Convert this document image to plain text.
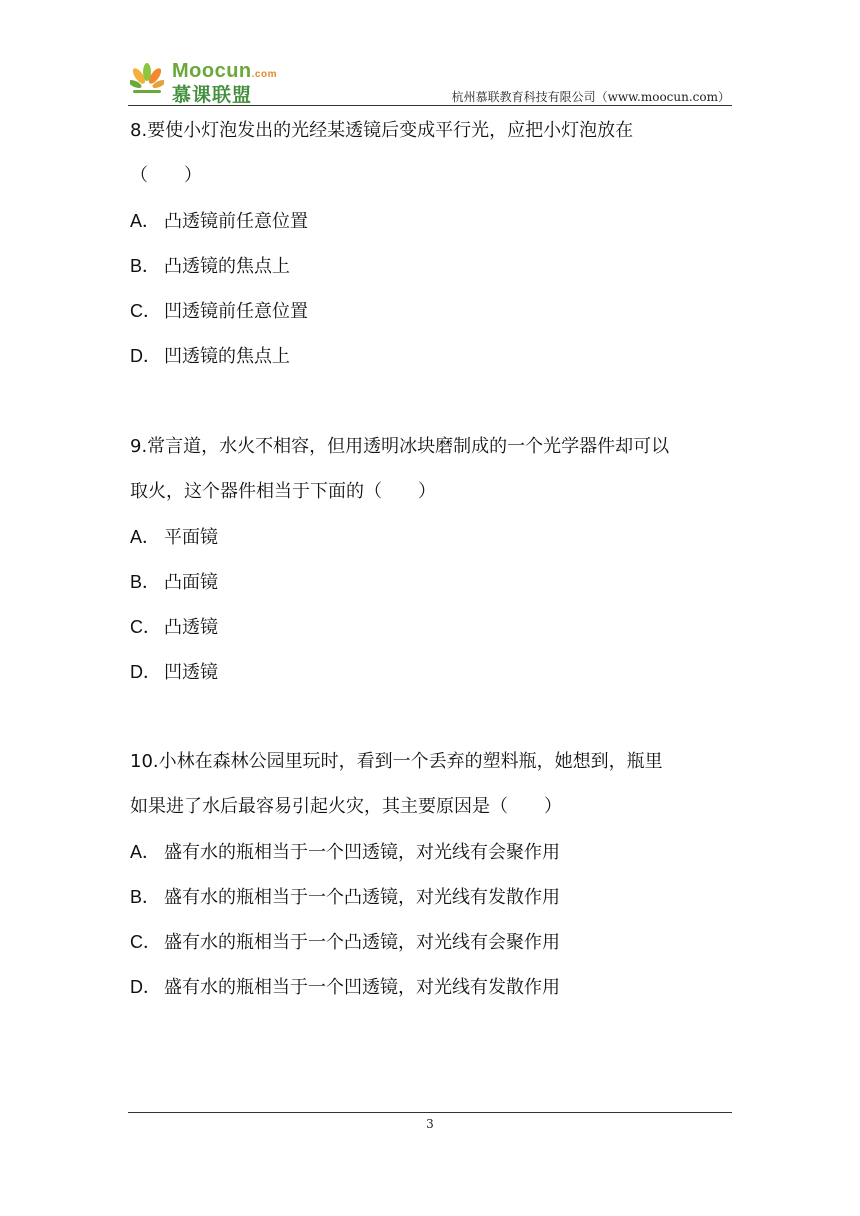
Moocun.com
慕课联盟	杭州慕联教育科技有限公司（www.moocun.com）
8.要使小灯泡发出的光经某透镜后变成平行光，应把小灯泡放在
（　　）
A． 凸透镜前任意位置
B． 凸透镜的焦点上
C． 凹透镜前任意位置
D． 凹透镜的焦点上
9.常言道，水火不相容，但用透明冰块磨制成的一个光学器件却可以
取火，这个器件相当于下面的（　　）
A． 平面镜
B． 凸面镜
C． 凸透镜
D． 凹透镜
10.小林在森林公园里玩时，看到一个丢弃的塑料瓶，她想到，瓶里
如果进了水后最容易引起火灾，其主要原因是（　　）
A． 盛有水的瓶相当于一个凹透镜，对光线有会聚作用
B． 盛有水的瓶相当于一个凸透镜，对光线有发散作用
C． 盛有水的瓶相当于一个凸透镜，对光线有会聚作用
D． 盛有水的瓶相当于一个凹透镜，对光线有发散作用
3
